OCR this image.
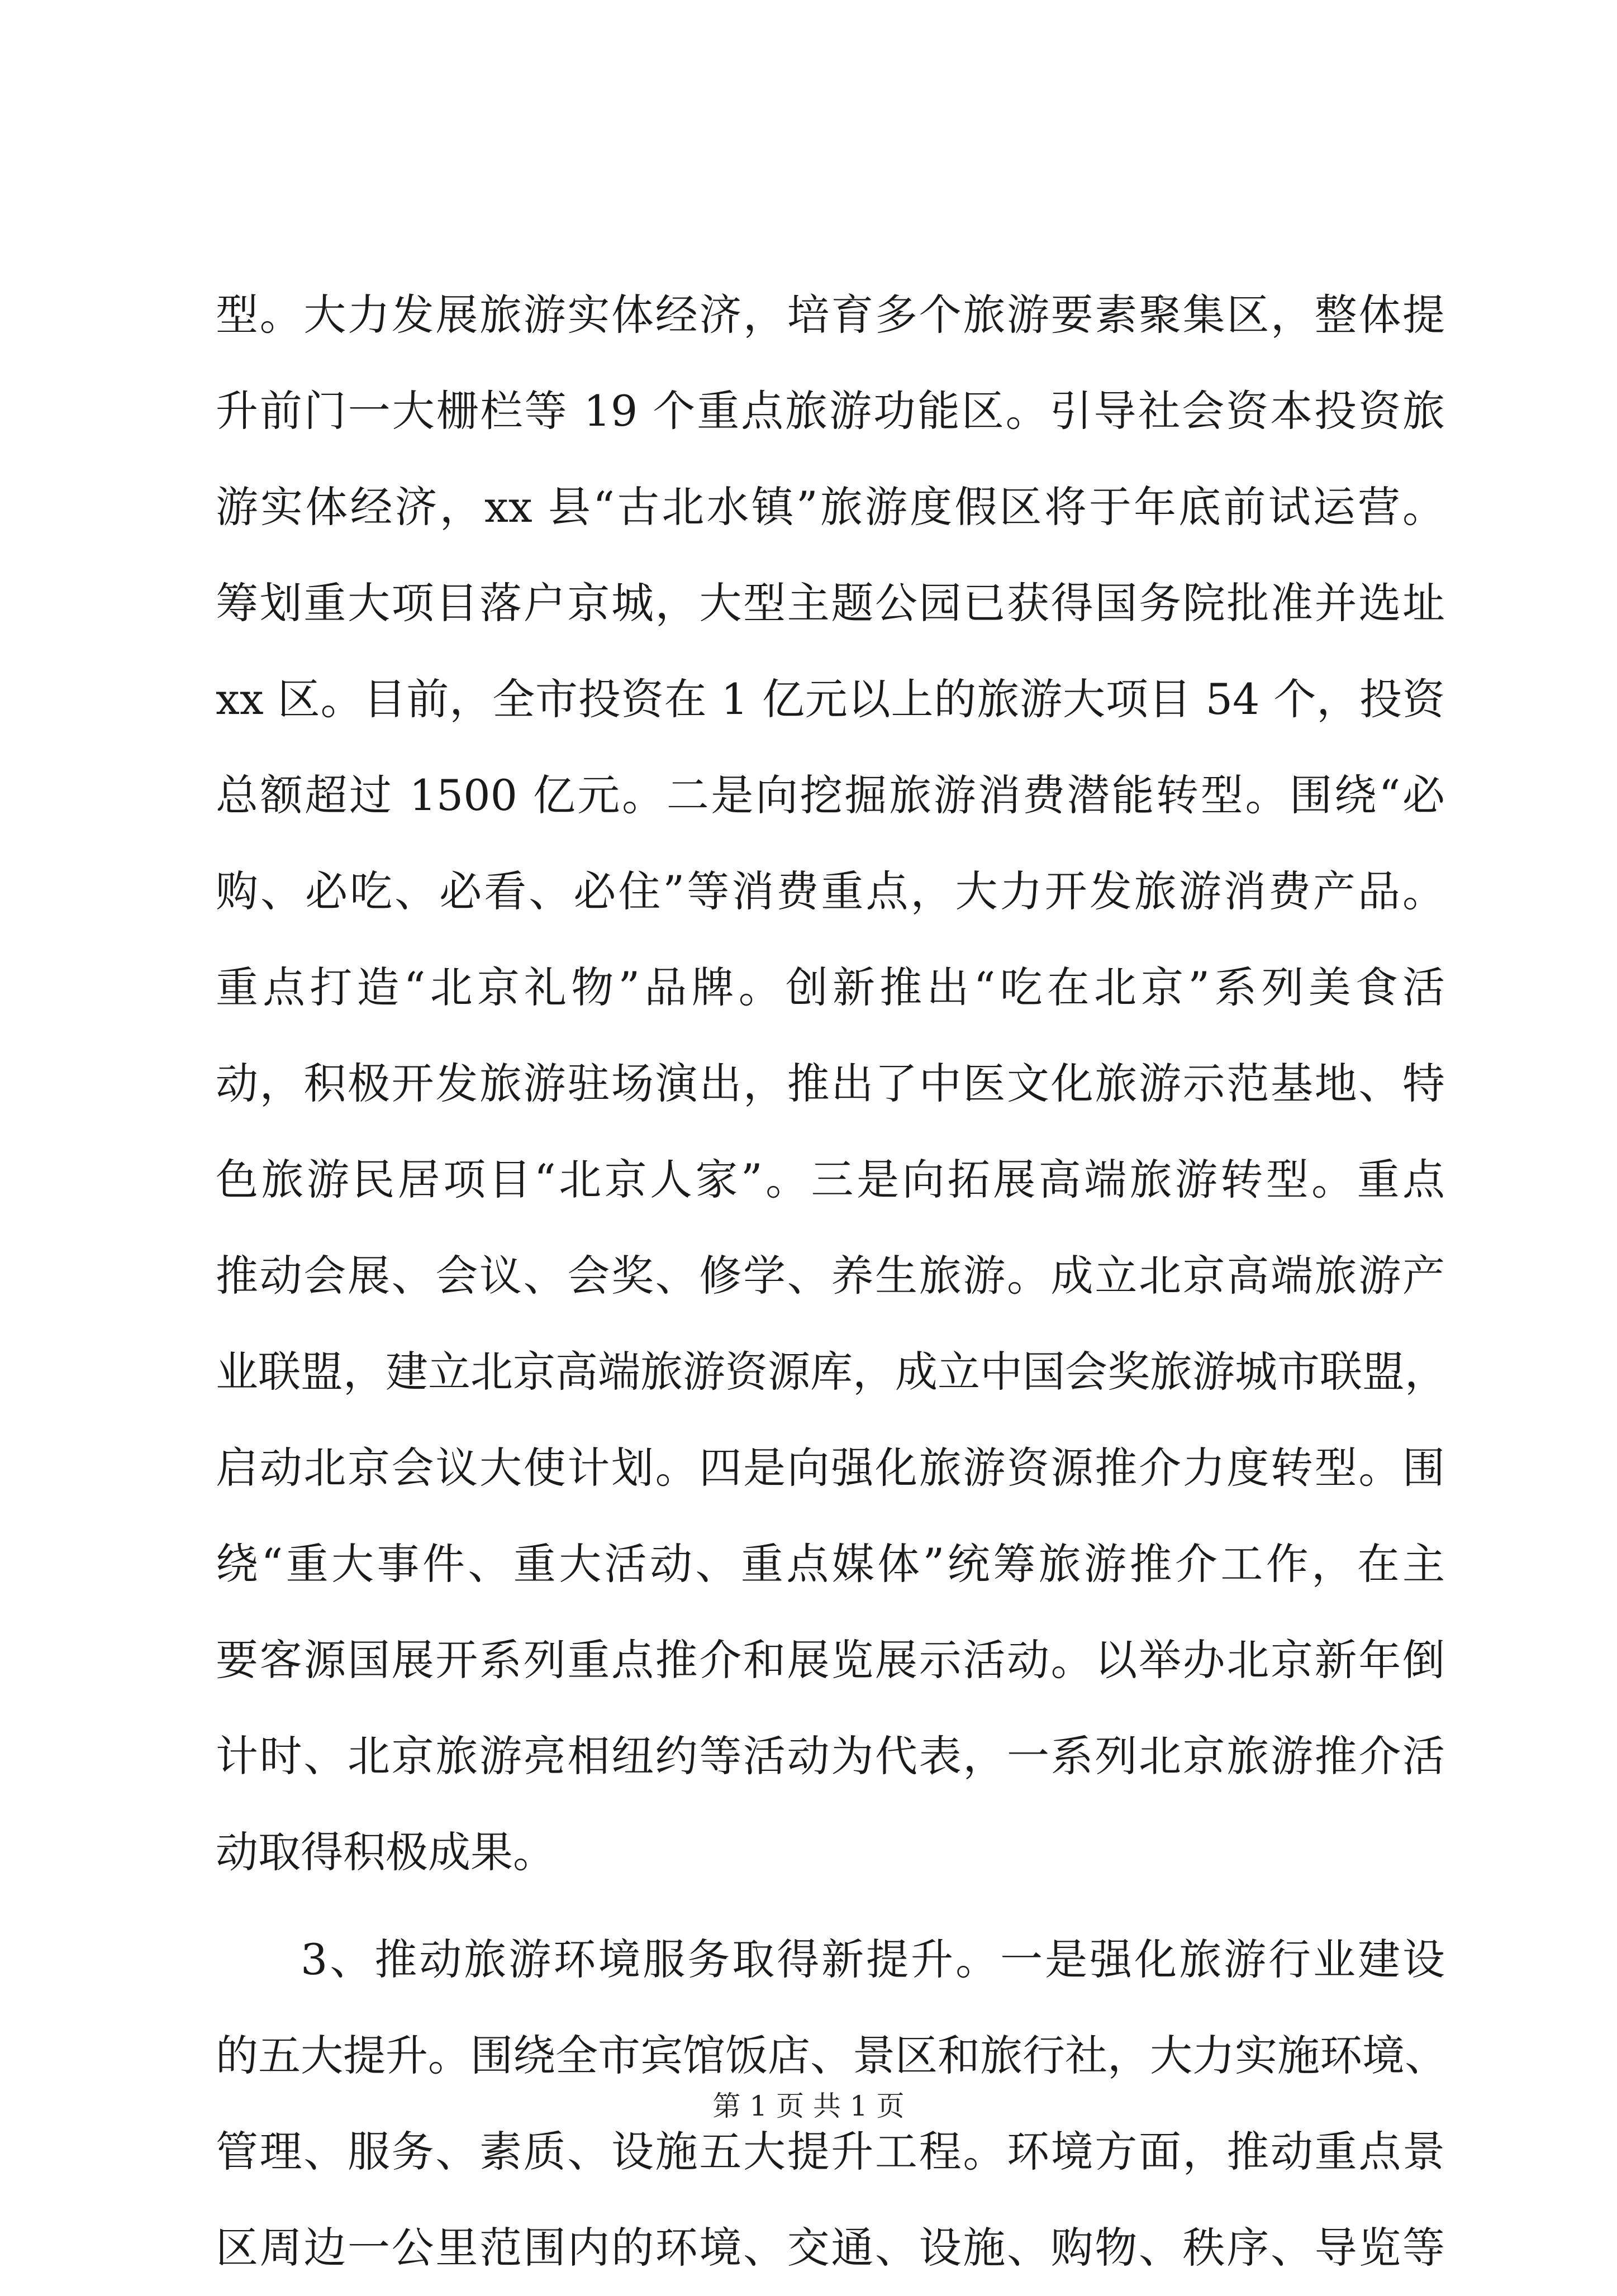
型。大力发展旅游实体经济，培育多个旅游要素聚集区，整体提
升前门一大栅栏等 19 个重点旅游功能区。引导社会资本投资旅
游实体经济，xx 县“古北水镇”旅游度假区将于年底前试运营。
筹划重大项目落户京城，大型主题公园已获得国务院批准并选址
xx 区。目前，全市投资在 1 亿元以上的旅游大项目 54 个，投资
总额超过 1500 亿元。二是向挖掘旅游消费潜能转型。围绕“必
购、必吃、必看、必住”等消费重点，大力开发旅游消费产品。
重点打造“北京礼物”品牌。创新推出“吃在北京”系列美食活
动，积极开发旅游驻场演出，推出了中医文化旅游示范基地、特
色旅游民居项目“北京人家”。三是向拓展高端旅游转型。重点
推动会展、会议、会奖、修学、养生旅游。成立北京高端旅游产
业联盟，建立北京高端旅游资源库，成立中国会奖旅游城市联盟，
启动北京会议大使计划。四是向强化旅游资源推介力度转型。围
绕“重大事件、重大活动、重点媒体”统筹旅游推介工作，在主
要客源国展开系列重点推介和展览展示活动。以举办北京新年倒
计时、北京旅游亮相纽约等活动为代表，一系列北京旅游推介活
动取得积极成果。
3、推动旅游环境服务取得新提升。一是强化旅游行业建设
的五大提升。围绕全市宾馆饭店、景区和旅行社，大力实施环境、
管理、服务、素质、设施五大提升工程。环境方面，推动重点景
区周边一公里范围内的环境、交通、设施、购物、秩序、导览等
第 1 页 共 1 页
